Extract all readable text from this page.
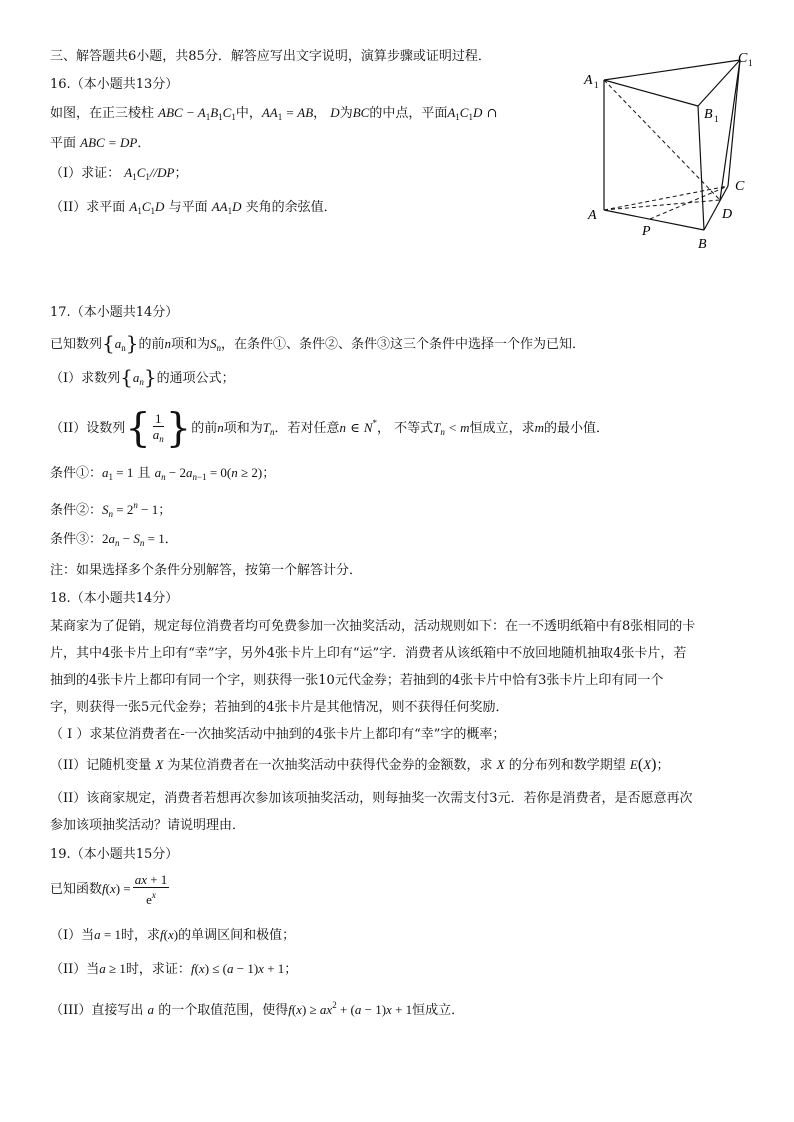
三、解答题共6小题，共85分．解答应写出文字说明，演算步骤或证明过程．
A 1
C 1
B 1
C
A	D
P
B
16.（本小题共13分）
如图，在正三棱柱 ABC − $A_1B_1C_1$中，$AA_1$ = AB， D为BC的中点，平面$A_1C_1D$ ∩
平面 ABC = DP．
（I）求证： $A_1C_1//DP$；
（II）求平面 $A_1C_1D$ 与平面 $AA_1D$ 夹角的余弦值．
17.（本小题共14分）
已知数列$\{a_n\}$的前n项和为$S_n$，在条件①、条件②、条件③这三个条件中选择一个作为已知．
（I）求数列$\{a_n\}$的通项公式；
（II）设数列{ $\frac{1}{a_n}$ }的前n项和为$T_n$．若对任意n ∈ N*， 不等式$T_n < m$恒成立，求m的最小值．
条件①：$a_1 = 1$ 且 $a_n - 2a_{n-1} = 0(n \ge 2)$；
条件②：$S_n = 2^n - 1$；
条件③：$2a_n - S_n = 1$．
注：如果选择多个条件分别解答，按第一个解答计分．
18.（本小题共14分）
某商家为了促销，规定每位消费者均可免费参加一次抽奖活动，活动规则如下：在一不透明纸箱中有8张相同的卡
片，其中4张卡片上印有“幸”字，另外4张卡片上印有“运”字．消费者从该纸箱中不放回地随机抽取4张卡片，若
抽到的4张卡片上都印有同一个字，则获得一张10元代金券；若抽到的4张卡片中恰有3张卡片上印有同一个
字，则获得一张5元代金券；若抽到的4张卡片是其他情况，则不获得任何奖励．
（ I ）求某位消费者在-一次抽奖活动中抽到的4张卡片上都印有“幸”字的概率；
（II）记随机变量 X 为某位消费者在一次抽奖活动中获得代金券的金额数，求 X 的分布列和数学期望 E(X)；
（II）该商家规定，消费者若想再次参加该项抽奖活动，则每抽奖一次需支付3元．若你是消费者，是否愿意再次
参加该项抽奖活动？请说明理由．
19.（本小题共15分）
已知函数$f(x) = \frac{ax + 1}{e^x}$
（I）当a = 1时，求f(x)的单调区间和极值；
（II）当a ≥ 1时，求证：f(x) ≤ (a − 1)x + 1；
（III）直接写出 a 的一个取值范围，使得$f(x) \ge ax^2 + (a - 1)x + 1$恒成立．
